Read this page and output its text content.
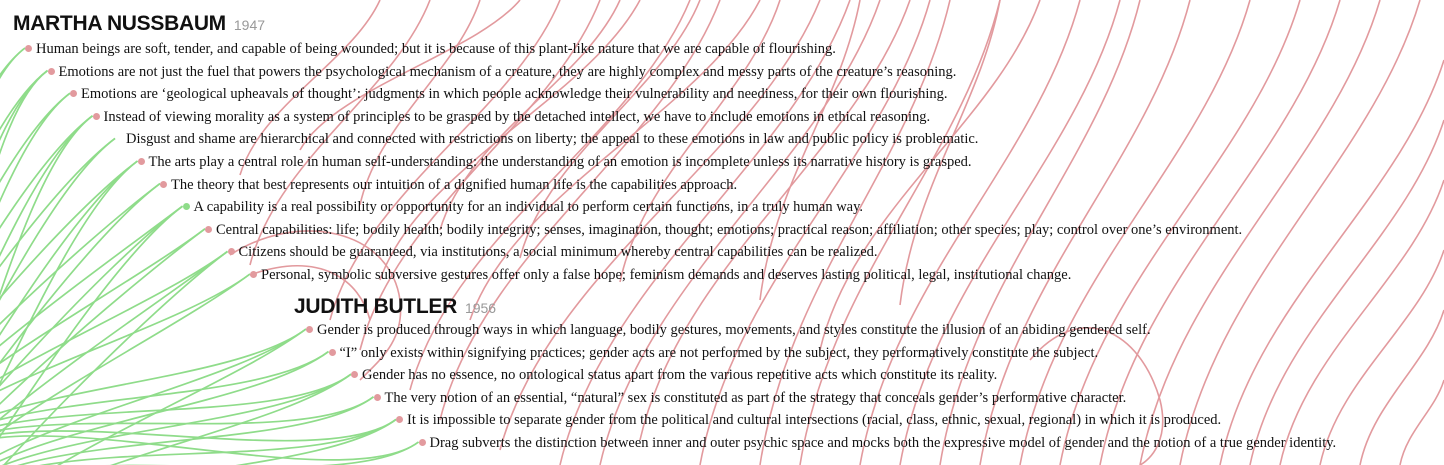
MARTHA NUSSBAUM 1947
Human beings are soft, tender, and capable of being wounded; but it is because of this plant-like nature that we are capable of flourishing.
Emotions are not just the fuel that powers the psychological mechanism of a creature, they are highly complex and messy parts of the creature’s reasoning.
Emotions are ‘geological upheavals of thought’: judgments in which people acknowledge their vulnerability and neediness, for their own flourishing.
Instead of viewing morality as a system of principles to be grasped by the detached intellect, we have to include emotions in ethical reasoning.
Disgust and shame are hierarchical and connected with restrictions on liberty; the appeal to these emotions in law and public policy is problematic.
The arts play a central role in human self-understanding: the understanding of an emotion is incomplete unless its narrative history is grasped.
The theory that best represents our intuition of a dignified human life is the capabilities approach.
A capability is a real possibility or opportunity for an individual to perform certain functions, in a truly human way.
Central capabilities: life; bodily health; bodily integrity; senses, imagination, thought; emotions; practical reason; affiliation; other species; play; control over one’s environment.
Citizens should be guaranteed, via institutions, a social minimum whereby central capabilities can be realized.
Personal, symbolic subversive gestures offer only a false hope; feminism demands and deserves lasting political, legal, institutional change.
JUDITH BUTLER 1956
Gender is produced through ways in which language, bodily gestures, movements, and styles constitute the illusion of an abiding gendered self.
“I” only exists within signifying practices; gender acts are not performed by the subject, they performatively constitute the subject.
Gender has no essence, no ontological status apart from the various repetitive acts which constitute its reality.
The very notion of an essential, “natural” sex is constituted as part of the strategy that conceals gender’s performative character.
It is impossible to separate gender from the political and cultural intersections (racial, class, ethnic, sexual, regional) in which it is produced.
Drag subverts the distinction between inner and outer psychic space and mocks both the expressive model of gender and the notion of a true gender identity.
